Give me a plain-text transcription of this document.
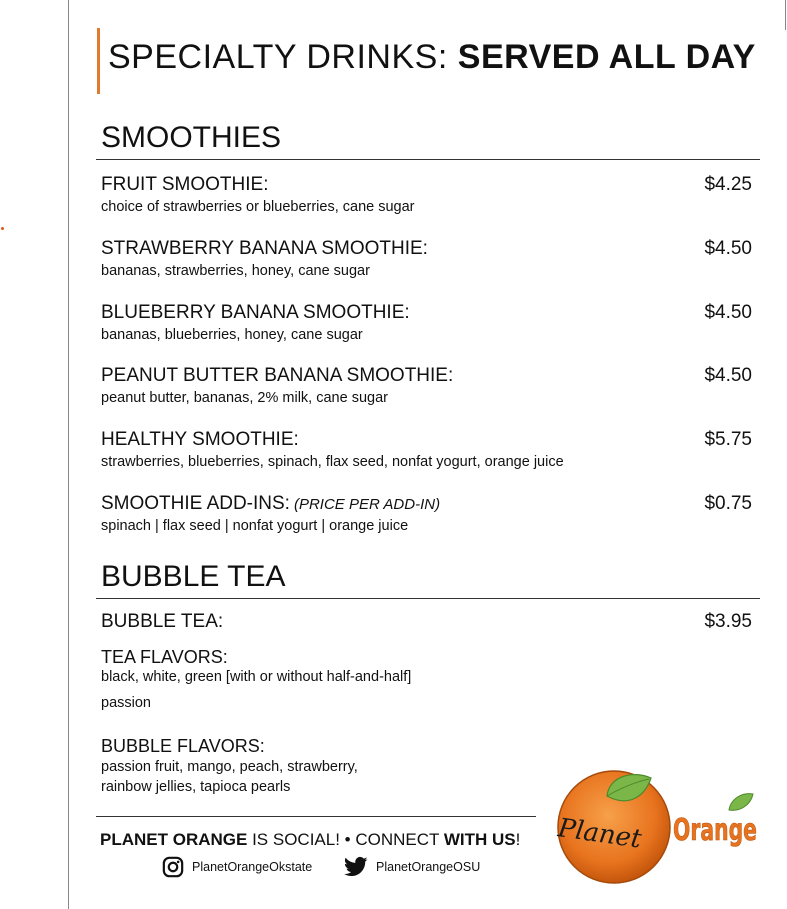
SPECIALTY DRINKS: SERVED ALL DAY
SMOOTHIES
FRUIT SMOOTHIE:
choice of strawberries or blueberries, cane sugar
$4.25
STRAWBERRY BANANA SMOOTHIE:
bananas, strawberries, honey, cane sugar
$4.50
BLUEBERRY BANANA SMOOTHIE:
bananas, blueberries, honey, cane sugar
$4.50
PEANUT BUTTER BANANA SMOOTHIE:
peanut butter, bananas, 2% milk, cane sugar
$4.50
HEALTHY SMOOTHIE:
strawberries, blueberries, spinach, flax seed, nonfat yogurt, orange juice
$5.75
SMOOTHIE ADD-INS: (PRICE PER ADD-IN)
spinach | flax seed | nonfat yogurt | orange juice
$0.75
BUBBLE TEA
BUBBLE TEA:	$3.95
TEA FLAVORS:
black, white, green [with or without half-and-half]
passion
BUBBLE FLAVORS:
passion fruit, mango, peach, strawberry,
rainbow jellies, tapioca pearls
PLANET ORANGE IS SOCIAL! • CONNECT WITH US!
PlanetOrangeOkstate	PlanetOrangeOSU
Planet Orange
